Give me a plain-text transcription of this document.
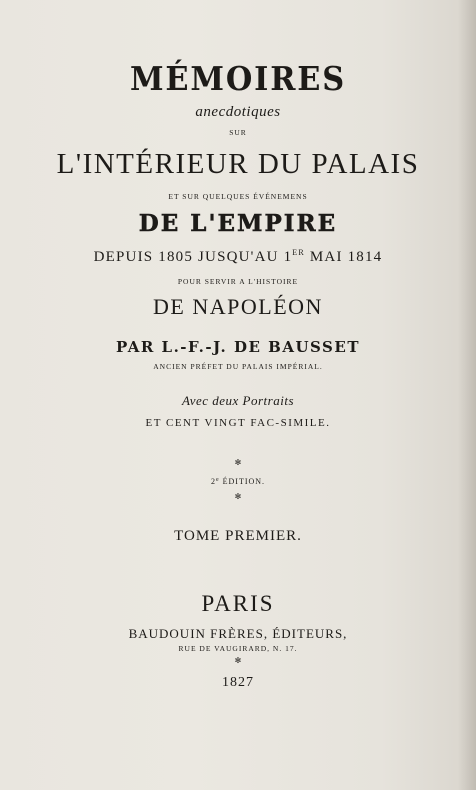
MÉMOIRES
anecdotiques
SUR
L'INTÉRIEUR DU PALAIS
ET SUR QUELQUES ÉVÉNEMENS
DE L'EMPIRE
DEPUIS 1805 JUSQU'AU 1ER MAI 1814
POUR SERVIR A L'HISTOIRE
DE NAPOLÉON
PAR L.-F.-J. DE BAUSSET
ANCIEN PRÉFET DU PALAIS IMPÉRIAL.
Avec deux Portraits
ET CENT VINGT FAC-SIMILE.
✻
2e ÉDITION.
✻
TOME PREMIER.
PARIS
BAUDOUIN FRÈRES, ÉDITEURS,
RUE DE VAUGIRARD, N. 17.
✻
1827
